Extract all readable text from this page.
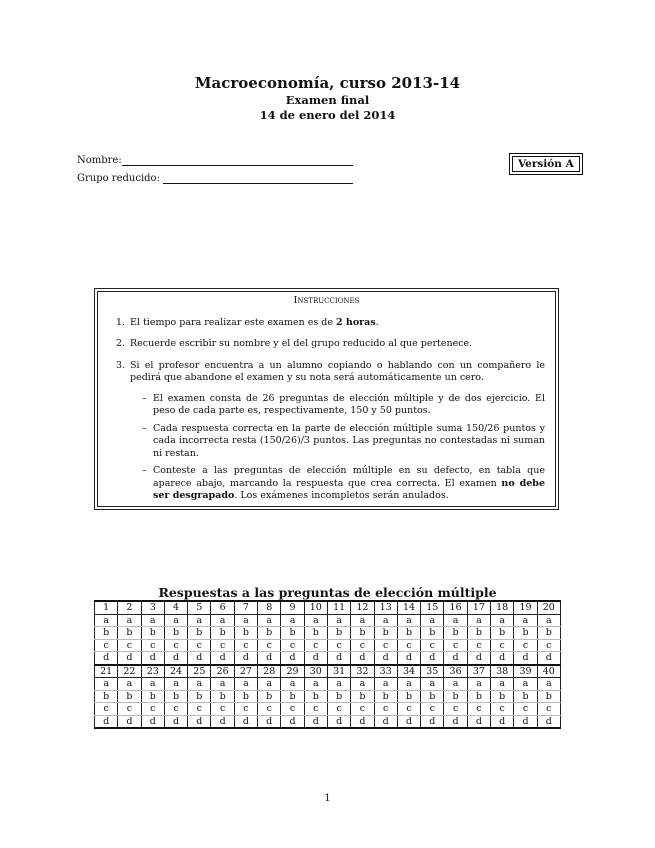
Macroeconomía, curso 2013-14
Examen final
14 de enero del 2014
Nombre:
Grupo reducido:
Versión A
Instrucciones
1. El tiempo para realizar este examen es de 2 horas.
2. Recuerde escribir su nombre y el del grupo reducido al que pertenece.
3. Si el profesor encuentra a un alumno copiando o hablando con un compañero le pedirá que abandone el examen y su nota será automáticamente un cero.
– El examen consta de 26 preguntas de elección múltiple y de dos ejercicio. El peso de cada parte es, respectivamente, 150 y 50 puntos.
– Cada respuesta correcta en la parte de elección múltiple suma 150/26 puntos y cada incorrecta resta (150/26)/3 puntos. Las preguntas no contestadas ni suman ni restan.
– Conteste a las preguntas de elección múltiple en su defecto, en tabla que aparece abajo, marcando la respuesta que crea correcta. El examen no debe ser desgrapado. Los exámenes incompletos serán anulados.
Respuestas a las preguntas de elección múltiple
1	2	3	4	5	6	7	8	9	10	11	12	13	14	15	16	17	18	19	20
a	a	a	a	a	a	a	a	a	a	a	a	a	a	a	a	a	a	a	a
b	b	b	b	b	b	b	b	b	b	b	b	b	b	b	b	b	b	b	b
c	c	c	c	c	c	c	c	c	c	c	c	c	c	c	c	c	c	c	c
d	d	d	d	d	d	d	d	d	d	d	d	d	d	d	d	d	d	d	d
21	22	23	24	25	26	27	28	29	30	31	32	33	34	35	36	37	38	39	40
a	a	a	a	a	a	a	a	a	a	a	a	a	a	a	a	a	a	a	a
b	b	b	b	b	b	b	b	b	b	b	b	b	b	b	b	b	b	b	b
c	c	c	c	c	c	c	c	c	c	c	c	c	c	c	c	c	c	c	c
d	d	d	d	d	d	d	d	d	d	d	d	d	d	d	d	d	d	d	d
1
